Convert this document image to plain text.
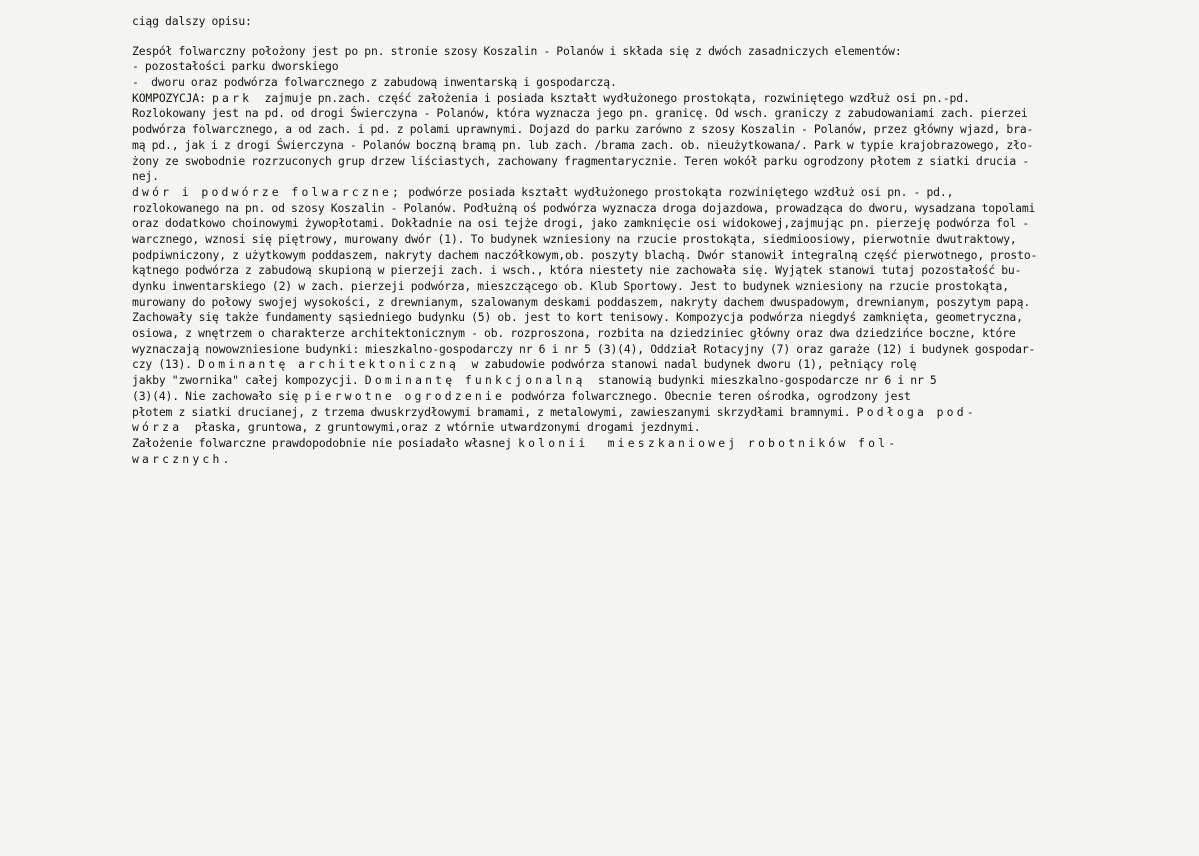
ciąg dalszy opisu:
Zespół folwarczny położony jest po pn. stronie szosy Koszalin - Polanów i składa się z dwóch zasadniczych elementów:
- pozostałości parku dworskiego
-  dworu oraz podwórza folwarcznego z zabudową inwentarską i gospodarczą.
KOMPOZYCJA: park  zajmuje pn.zach. część założenia i posiada kształt wydłużonego prostokąta, rozwiniętego wzdłuż osi pn.-pd.
Rozlokowany jest na pd. od drogi Świerczyna - Polanów, która wyznacza jego pn. granicę. Od wsch. graniczy z zabudowaniami zach. pierzei
podwórza folwarcznego, a od zach. i pd. z polami uprawnymi. Dojazd do parku zarówno z szosy Koszalin - Polanów, przez główny wjazd, bra-
mą pd., jak i z drogi Świerczyna - Polanów boczną bramą pn. lub zach. /brama zach. ob. nieużytkowana/. Park w typie krajobrazowego, zło-
żony ze swobodnie rozrzuconych grup drzew liściastych, zachowany fragmentarycznie. Teren wokół parku ogrodzony płotem z siatki drucia -
nej.
dwór i podwórze folwarczne; podwórze posiada kształt wydłużonego prostokąta rozwiniętego wzdłuż osi pn. - pd.,
rozlokowanego na pn. od szosy Koszalin - Polanów. Podłużną oś podwórza wyznacza droga dojazdowa, prowadząca do dworu, wysadzana topolami
oraz dodatkowo choinowymi żywopłotami. Dokładnie na osi tejże drogi, jako zamknięcie osi widokowej,zajmując pn. pierzeję podwórza fol -
warcznego, wznosi się piętrowy, murowany dwór (1). To budynek wzniesiony na rzucie prostokąta, siedmioosiowy, pierwotnie dwutraktowy,
podpiwniczony, z użytkowym poddaszem, nakryty dachem naczółkowym,ob. poszyty blachą. Dwór stanowił integralną część pierwotnego, prosto-
kątnego podwórza z zabudową skupioną w pierzeji zach. i wsch., która niestety nie zachowała się. Wyjątek stanowi tutaj pozostałość bu-
dynku inwentarskiego (2) w zach. pierzeji podwórza, mieszczącego ob. Klub Sportowy. Jest to budynek wzniesiony na rzucie prostokąta,
murowany do połowy swojej wysokości, z drewnianym, szalowanym deskami poddaszem, nakryty dachem dwuspadowym, drewnianym, poszytym papą.
Zachowały się także fundamenty sąsiedniego budynku (5) ob. jest to kort tenisowy. Kompozycja podwórza niegdyś zamknięta, geometryczna,
osiowa, z wnętrzem o charakterze architektonicznym - ob. rozproszona, rozbita na dziedziniec główny oraz dwa dziedzińce boczne, które
wyznaczają nowowzniesione budynki: mieszkalno-gospodarczy nr 6 i nr 5 (3)(4), Oddział Rotacyjny (7) oraz garaże (12) i budynek gospodar-
czy (13). Dominantę architektoniczną  w zabudowie podwórza stanowi nadal budynek dworu (1), pełniący rolę
jakby "zwornika" całej kompozycji. Dominantę funkcjonalną  stanowią budynki mieszkalno-gospodarcze nr 6 i nr 5
(3)(4). Nie zachowało się pierwotne ogrodzenie podwórza folwarcznego. Obecnie teren ośrodka, ogrodzony jest
płotem z siatki drucianej, z trzema dwuskrzydłowymi bramami, z metalowymi, zawieszanymi skrzydłami bramnymi. Podłoga pod-
wórza  płaska, gruntowa, z gruntowymi,oraz z wtórnie utwardzonymi drogami jezdnymi.
Założenie folwarczne prawdopodobnie nie posiadało własnej kolonii  mieszkaniowej robotników fol-
warcznych.
